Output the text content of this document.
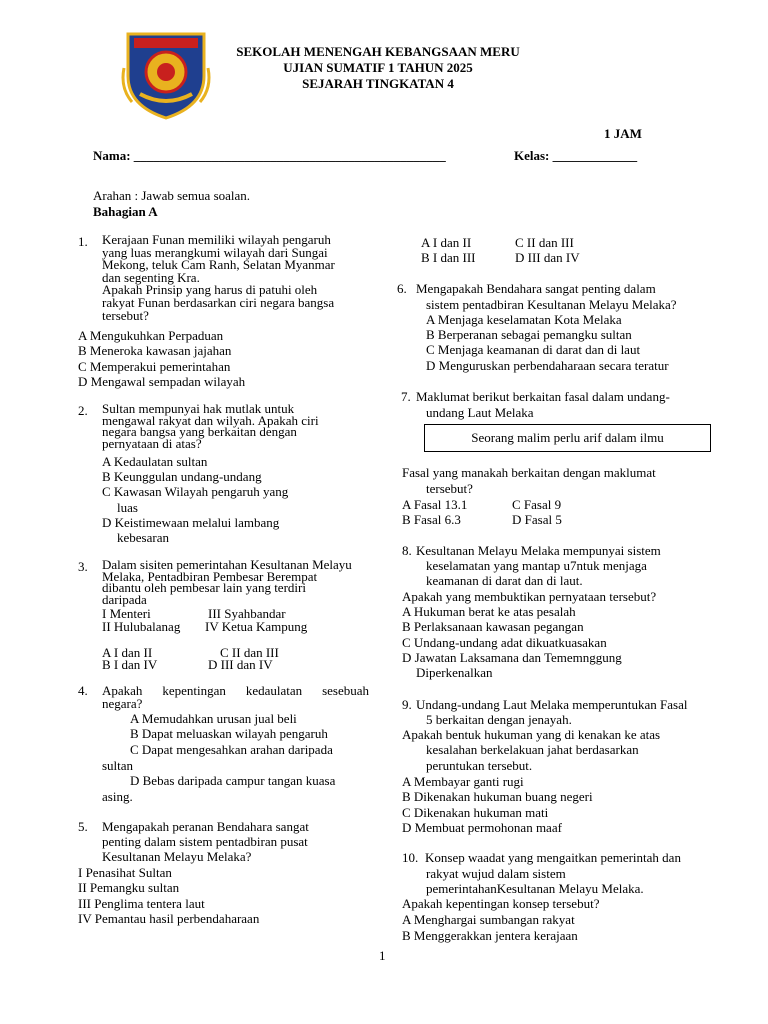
SEKOLAH MENENGAH KEBANGSAAN MERU
UJIAN SUMATIF 1 TAHUN 2025
SEJARAH TINGKATAN 4
1 JAM
Nama: ________________________________________________	Kelas: _____________
Arahan : Jawab semua soalan.
Bahagian A
1. Kerajaan Funan memiliki wilayah pengaruh
yang luas merangkumi wilayah dari Sungai
Mekong, teluk Cam Ranh, Selatan Myanmar
dan segenting Kra.
Apakah Prinsip yang harus di patuhi oleh
rakyat Funan berdasarkan ciri negara bangsa
tersebut?
A Mengukuhkan Perpaduan
B Meneroka kawasan jajahan
C Memperakui pemerintahan
D Mengawal sempadan wilayah
2. Sultan mempunyai hak mutlak untuk
mengawal rakyat dan wilyah. Apakah ciri
negara bangsa yang berkaitan dengan
pernyataan di atas?
A Kedaulatan sultan
B Keunggulan undang-undang
C Kawasan Wilayah pengaruh yang
luas
D Keistimewaan melalui lambang
kebesaran
3. Dalam sisiten pemerintahan Kesultanan Melayu
Melaka, Pentadbiran Pembesar Berempat
dibantu oleh pembesar lain yang terdiri
daripada
I Menteri	III Syahbandar
II Hulubalanag IV Ketua Kampung
A I dan II	C II dan III
B I dan IV	D III dan IV
4. Apakah kepentingan kedaulatan sesebuah
negara?
A Memudahkan urusan jual beli
B Dapat meluaskan wilayah pengaruh
C Dapat mengesahkan arahan daripada
sultan
D Bebas daripada campur tangan kuasa
asing.
5. Mengapakah peranan Bendahara sangat
penting dalam sistem pentadbiran pusat
Kesultanan Melayu Melaka?
I Penasihat Sultan
II Pemangku sultan
III Penglima tentera laut
IV Pemantau hasil perbendaharaan
A I dan II	C II dan III
B I dan III	D III dan IV
6. Mengapakah Bendahara sangat penting dalam
sistem pentadbiran Kesultanan Melayu Melaka?
A Menjaga keselamatan Kota Melaka
B Berperanan sebagai pemangku sultan
C Menjaga keamanan di darat dan di laut
D Menguruskan perbendaharaan secara teratur
7. Maklumat berikut berkaitan fasal dalam undang-
undang Laut Melaka
Seorang malim perlu arif dalam ilmu
Fasal yang manakah berkaitan dengan maklumat
tersebut?
A Fasal 13.1	C Fasal 9
B Fasal 6.3	D Fasal 5
8. Kesultanan Melayu Melaka mempunyai sistem
keselamatan yang mantap u7ntuk menjaga
keamanan di darat dan di laut.
Apakah yang membuktikan pernyataan tersebut?
A Hukuman berat ke atas pesalah
B Perlaksanaan kawasan pegangan
C Undang-undang adat dikuatkuasakan
D Jawatan Laksamana dan Tememnggung
Diperkenalkan
9. Undang-undang Laut Melaka memperuntukan Fasal
5 berkaitan dengan jenayah.
Apakah bentuk hukuman yang di kenakan ke atas
kesalahan berkelakuan jahat berdasarkan
peruntukan tersebut.
A Membayar ganti rugi
B Dikenakan hukuman buang negeri
C Dikenakan hukuman mati
D Membuat permohonan maaf
10. Konsep waadat yang mengaitkan pemerintah dan
rakyat wujud dalam sistem
pemerintahanKesultanan Melayu Melaka.
Apakah kepentingan konsep tersebut?
A Menghargai sumbangan rakyat
B Menggerakkan jentera kerajaan
1
